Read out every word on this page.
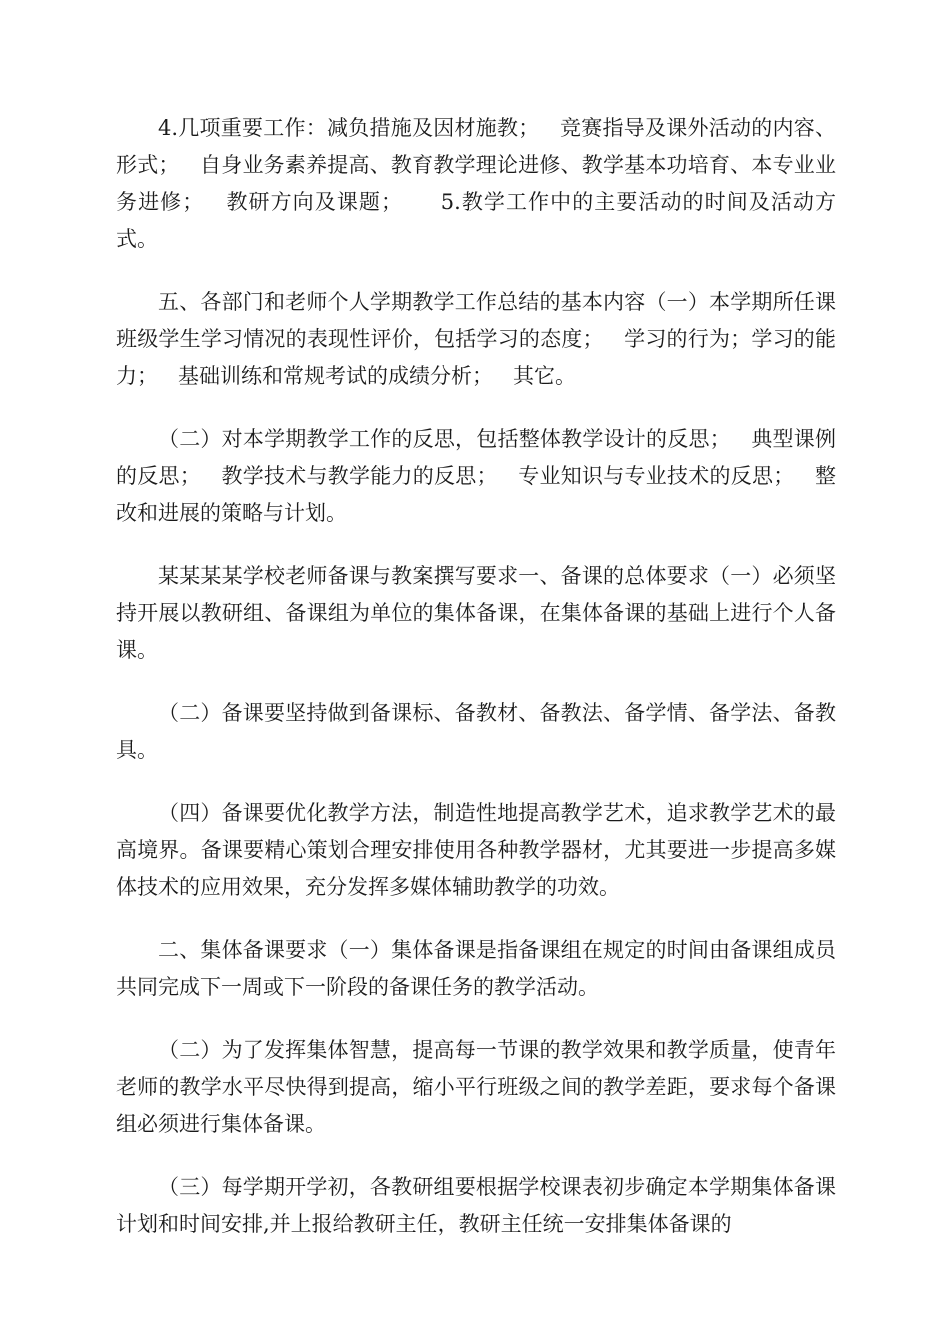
4.几项重要工作：减负措施及因材施教；   竞赛指导及课外活动的内容、形式；   自身业务素养提高、教育教学理论进修、教学基本功培育、本专业业务进修；   教研方向及课题；     5.教学工作中的主要活动的时间及活动方式。

五、各部门和老师个人学期教学工作总结的基本内容（一）本学期所任课班级学生学习情况的表现性评价，包括学习的态度；   学习的行为；学习的能力；   基础训练和常规考试的成绩分析；   其它。

（二）对本学期教学工作的反思，包括整体教学设计的反思；   典型课例的反思；   教学技术与教学能力的反思；   专业知识与专业技术的反思；   整改和进展的策略与计划。

某某某某学校老师备课与教案撰写要求一、备课的总体要求（一）必须坚持开展以教研组、备课组为单位的集体备课，在集体备课的基础上进行个人备课。

（二）备课要坚持做到备课标、备教材、备教法、备学情、备学法、备教具。

（四）备课要优化教学方法，制造性地提高教学艺术，追求教学艺术的最高境界。备课要精心策划合理安排使用各种教学器材，尤其要进一步提高多媒体技术的应用效果，充分发挥多媒体辅助教学的功效。

二、集体备课要求（一）集体备课是指备课组在规定的时间由备课组成员共同完成下一周或下一阶段的备课任务的教学活动。

（二）为了发挥集体智慧，提高每一节课的教学效果和教学质量，使青年老师的教学水平尽快得到提高，缩小平行班级之间的教学差距，要求每个备课组必须进行集体备课。

（三）每学期开学初，各教研组要根据学校课表初步确定本学期集体备课计划和时间安排,并上报给教研主任，教研主任统一安排集体备课的
